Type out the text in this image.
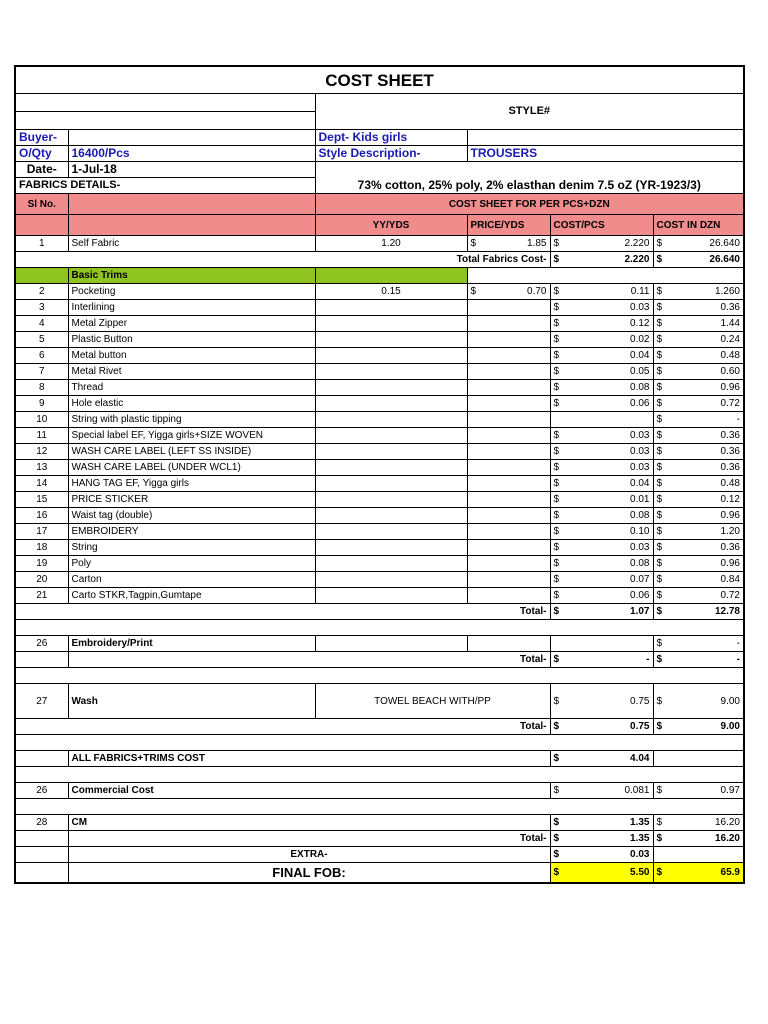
COST SHEET					

		STYLE#			
Buyer-		Dept- Kids girls			
O/Qty	16400/Pcs	Style Description-	TROUSERS		
Date-	1-Jul-18				
FABRICS DETAILS-		73% cotton, 25% poly, 2% elasthan denim 7.5 oZ (YR-1923/3)			
Sl No.		COST SHEET FOR PER PCS+DZN			
		YY/YDS	PRICE/YDS	COST/PCS	COST IN DZN
1	Self Fabric	1.20	$ 1.85	$ 2.220	$ 26.640

Total Fabrics Cost-				$ 2.220	$ 26.640

	Basic Trims				
2	Pocketing	0.15	$ 0.70	$ 0.11	$ 1.260

3	Interlining			$ 0.03	$ 0.36

4	Metal Zipper			$ 0.12	$ 1.44

5	Plastic Button			$ 0.02	$ 0.24

6	Metal button			$ 0.04	$ 0.48

7	Metal Rivet			$ 0.05	$ 0.60

8	Thread			$ 0.08	$ 0.96

9	Hole elastic			$ 0.06	$ 0.72

10	String with plastic tipping				$ -

11	Special label EF, Yigga girls+SIZE WOVEN			$ 0.03	$ 0.36

12	WASH CARE LABEL (LEFT SS INSIDE)			$ 0.03	$ 0.36

13	WASH CARE LABEL (UNDER WCL1)			$ 0.03	$ 0.36

14	HANG TAG EF, Yigga girls			$ 0.04	$ 0.48

15	PRICE STICKER			$ 0.01	$ 0.12

16	Waist tag (double)			$ 0.08	$ 0.96

17	EMBROIDERY			$ 0.10	$ 1.20

18	String			$ 0.03	$ 0.36

19	Poly			$ 0.08	$ 0.96

20	Carton			$ 0.07	$ 0.84

21	Carto STKR,Tagpin,Gumtape			$ 0.06	$ 0.72

Total-				$ 1.07	$ 12.78

26	Embroidery/Print				$ -

	Total-			$ -	$ -

27	Wash	TOWEL BEACH WITH/PP		$ 0.75	$ 9.00

Total-				$ 0.75	$ 9.00

	ALL FABRICS+TRIMS COST			$ 4.04	

26	Commercial Cost			$ 0.081	$ 0.97

28	CM			$ 1.35	$ 16.20

	Total-			$ 1.35	$ 16.20

	EXTRA-			$ 0.03	

	FINAL FOB:			$ 5.50	$ 65.9
